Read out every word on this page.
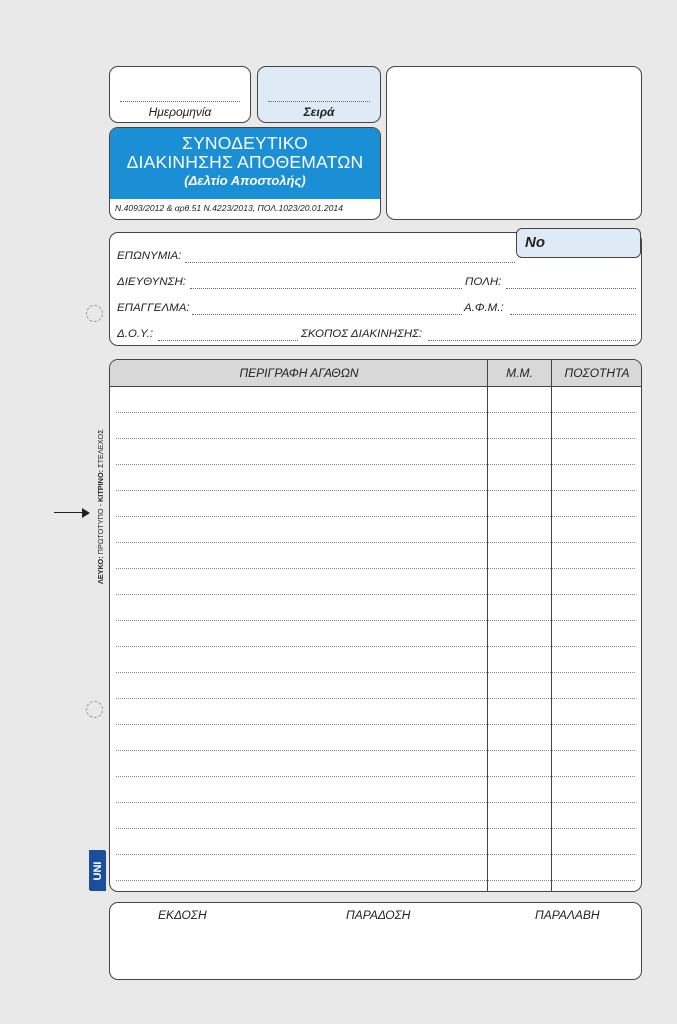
Ημερομηνία	Σειρά
ΣΥΝΟΔΕΥΤΙΚΟ
ΔΙΑΚΙΝΗΣΗΣ ΑΠΟΘΕΜΑΤΩΝ
(Δελτίο Αποστολής)
Ν.4093/2012 & αρθ.51 Ν.4223/2013, ΠΟΛ.1023/20.01.2014
ΕΠΩΝΥΜΙΑ:
ΔΙΕΥΘΥΝΣΗ:	ΠΟΛΗ:
ΕΠΑΓΓΕΛΜΑ:	Α.Φ.Μ.:
Δ.Ο.Υ.:	ΣΚΟΠΟΣ ΔΙΑΚΙΝΗΣΗΣ:
Νο
ΠΕΡΙΓΡΑΦΗ ΑΓΑΘΩΝ	Μ.Μ.	ΠΟΣΟΤΗΤΑ
ΕΚΔΟΣΗ	ΠΑΡΑΔΟΣΗ	ΠΑΡΑΛΑΒΗ
ΛΕΥΚΟ: ΠΡΩΤΟΤΥΠΟ - ΚΙΤΡΙΝΟ: ΣΤΕΛΕΧΟΣ
UNI
